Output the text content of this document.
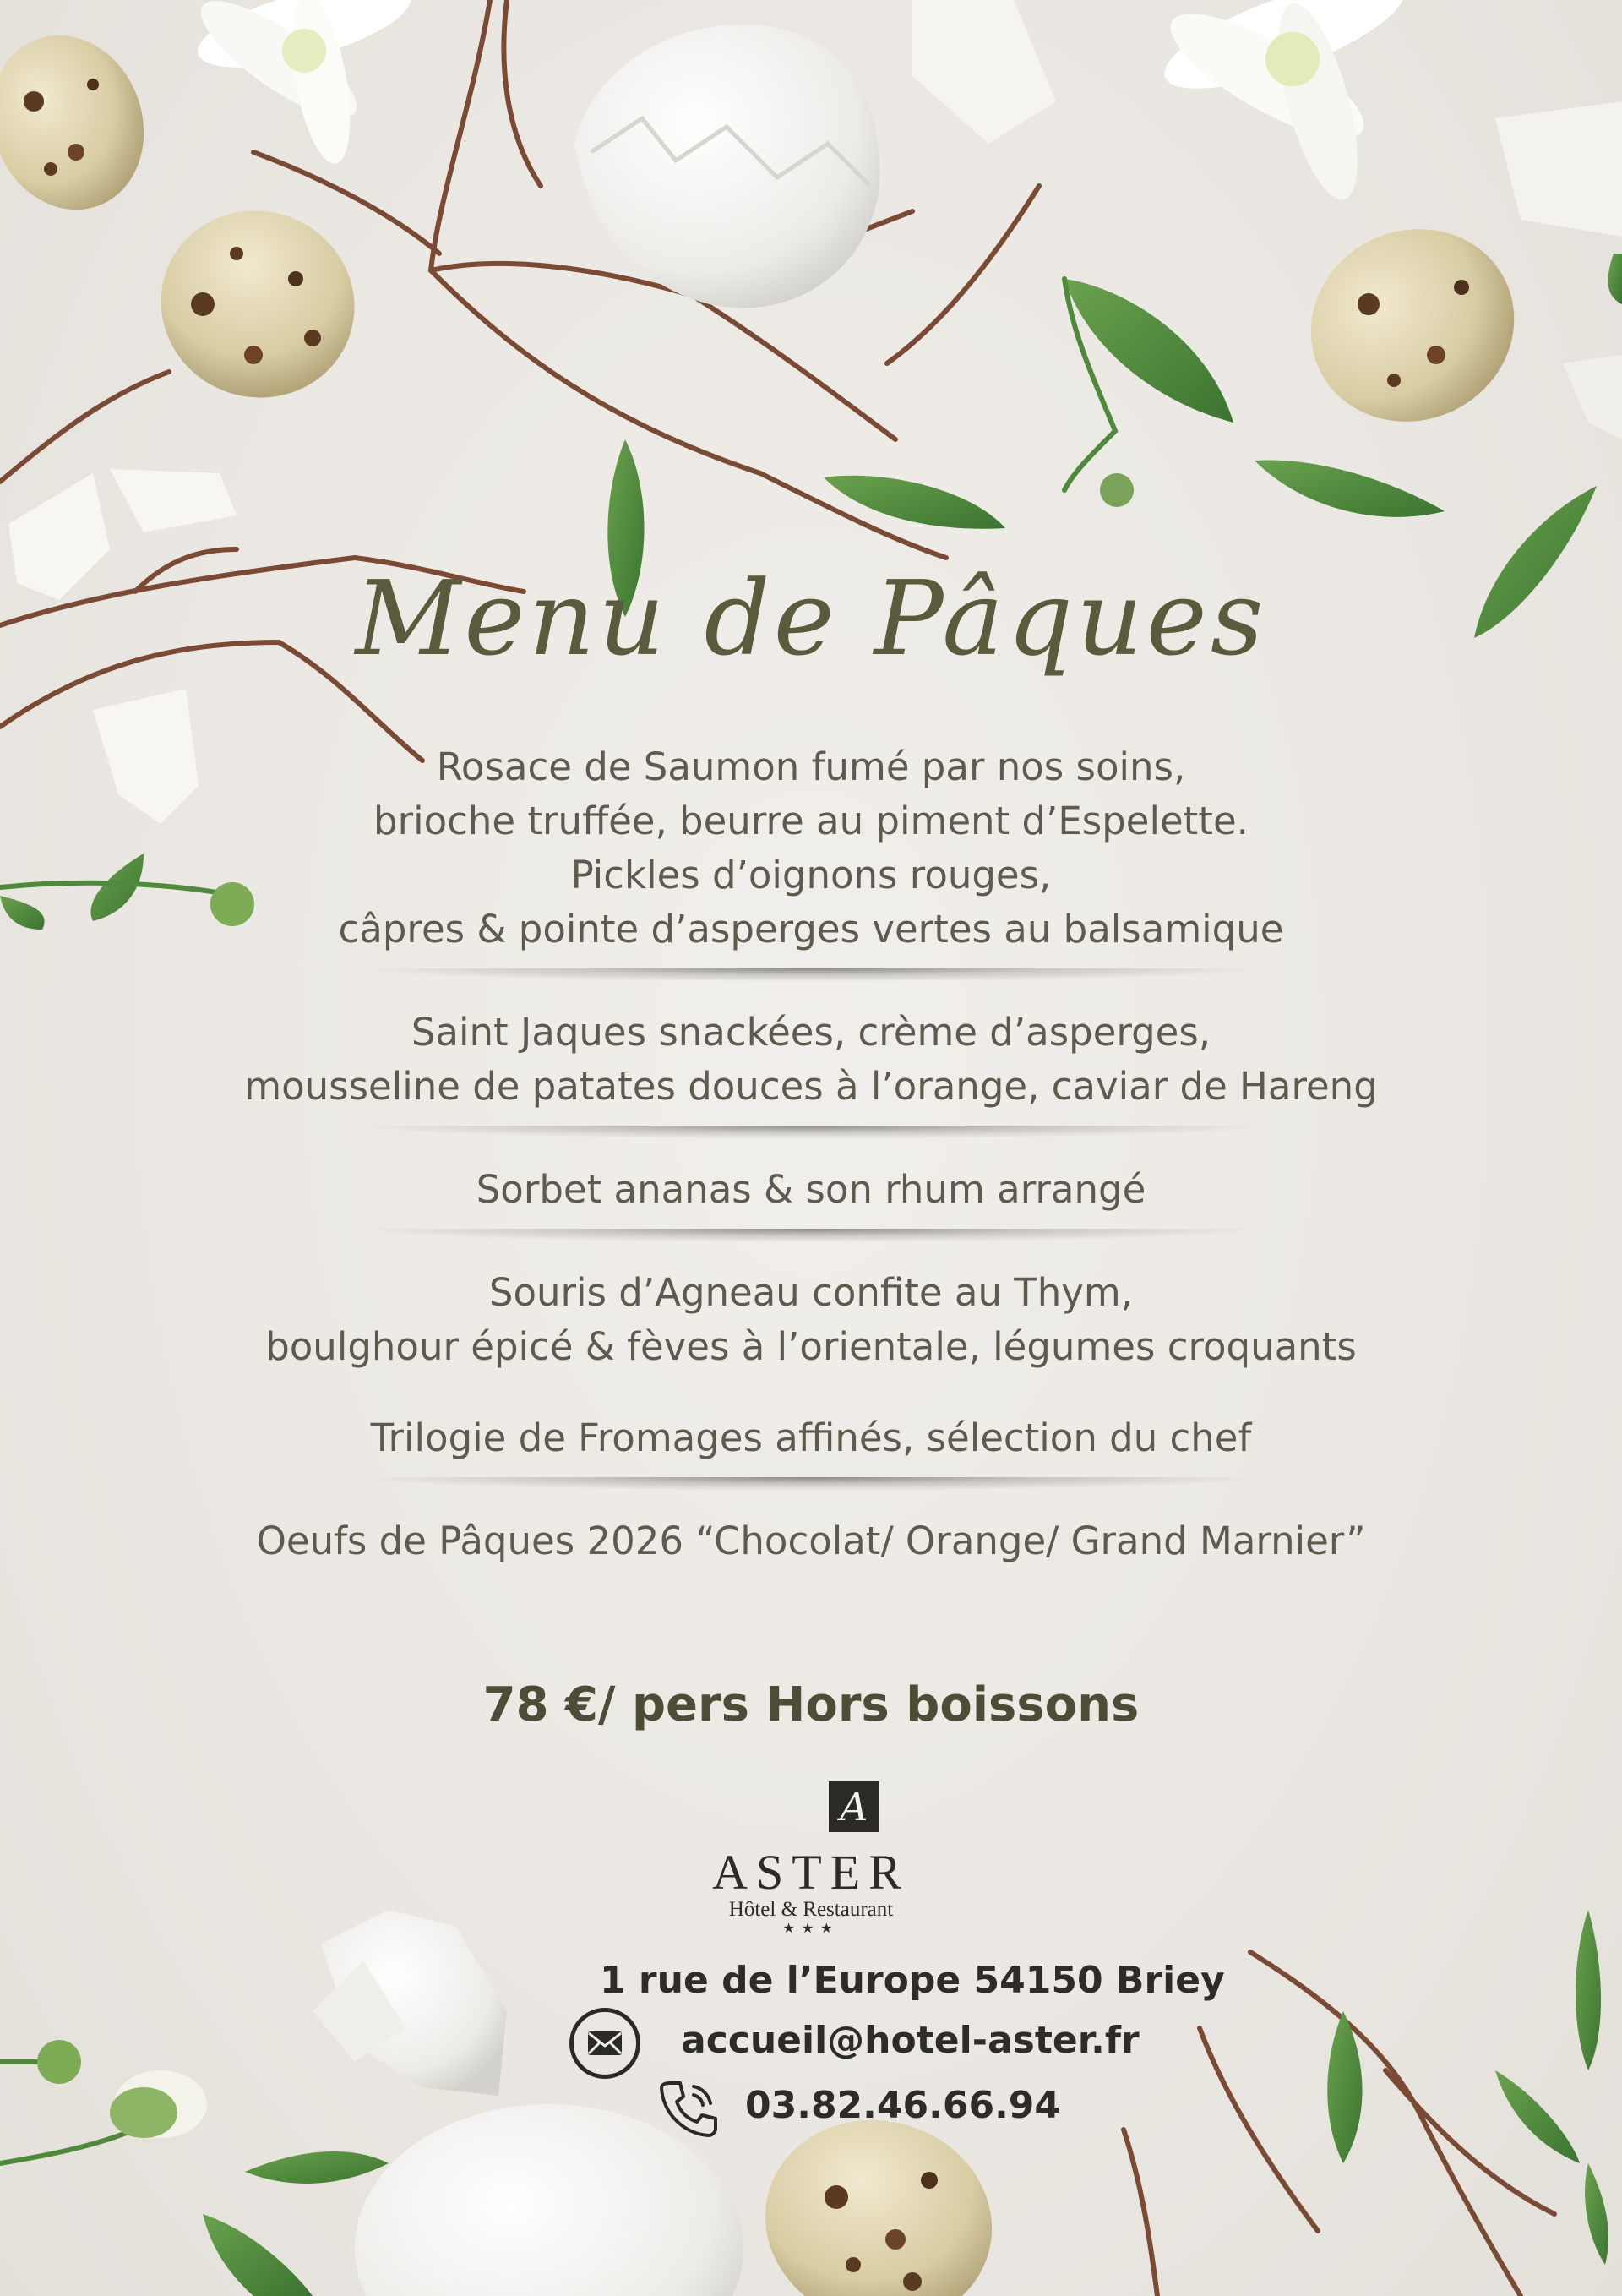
Menu de Pâques
Rosace de Saumon fumé par nos soins,
brioche truffée, beurre au piment d’Espelette.
Pickles d’oignons rouges,
câpres & pointe d’asperges vertes au balsamique
Saint Jaques snackées, crème d’asperges,
mousseline de patates douces à l’orange, caviar de Hareng
Sorbet ananas & son rhum arrangé
Souris d’Agneau confite au Thym,
boulghour épicé & fèves à l’orientale, légumes croquants
Trilogie de Fromages affinés, sélection du chef
Oeufs de Pâques 2026 “Chocolat/ Orange/ Grand Marnier”
78 €/ pers Hors boissons
A
ASTER
Hôtel & Restaurant
★★★
1 rue de l’Europe 54150 Briey
accueil@hotel-aster.fr
03.82.46.66.94
